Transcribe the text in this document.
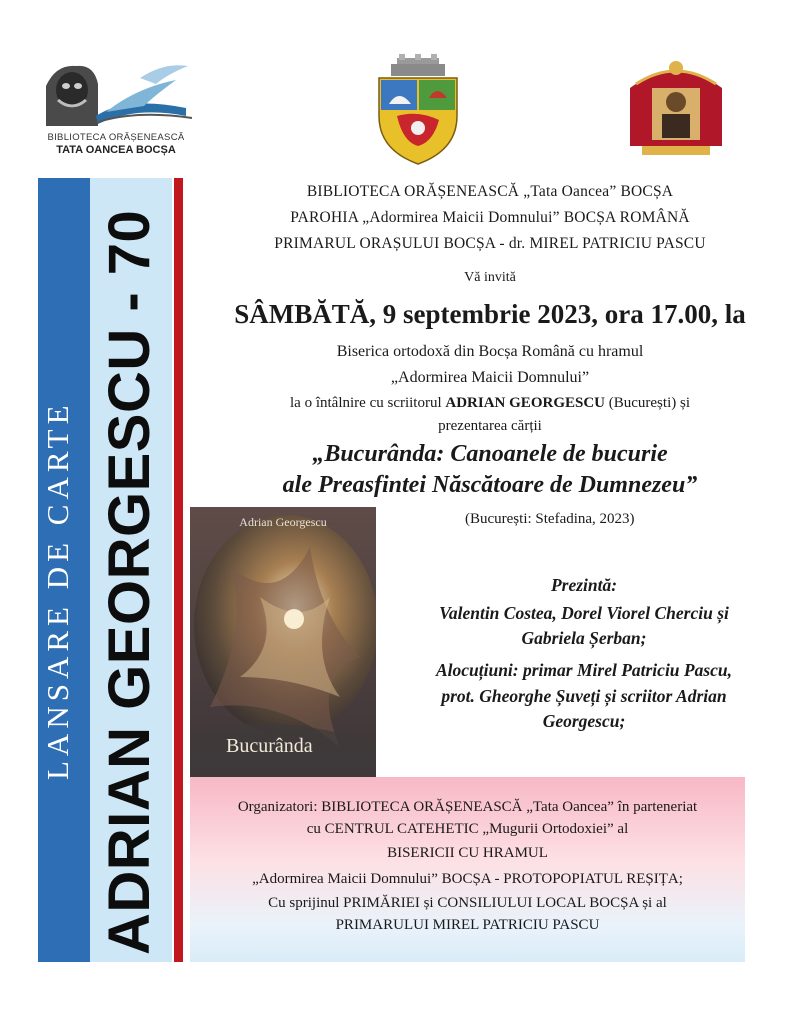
BIBLIOTECA ORĂȘENEASCĂ
TATA OANCEA BOCȘA
LANSARE DE CARTE ADRIAN GEORGESCU - 70
BIBLIOTECA ORĂȘENEASCĂ „Tata Oancea” BOCȘA
PAROHIA „Adormirea Maicii Domnului” BOCȘA ROMÂNĂ
PRIMARUL ORAȘULUI BOCȘA - dr. MIREL PATRICIU PASCU
Vă invită
SÂMBĂTĂ, 9 septembrie 2023, ora 17.00, la
Biserica ortodoxă din Bocșa Română cu hramul
„Adormirea Maicii Domnului”
la o întâlnire cu scriitorul ADRIAN GEORGESCU (București) și
prezentarea cărții
„Bucurânda: Canoanele de bucurie
ale Preasfintei Născătoare de Dumnezeu”
(București: Stefadina, 2023)
Adrian Georgescu
Bucurânda
Prezintă:
Valentin Costea, Dorel Viorel Cherciu și
Gabriela Șerban;
Alocuțiuni: primar Mirel Patriciu Pascu,
prot. Gheorghe Șuveți și scriitor Adrian
Georgescu;
Organizatori: BIBLIOTECA ORĂȘENEASCĂ „Tata Oancea” în parteneriat
cu CENTRUL CATEHETIC „Mugurii Ortodoxiei” al
BISERICII CU HRAMUL
„Adormirea Maicii Domnului” BOCȘA - PROTOPOPIATUL REȘIȚA;
Cu sprijinul PRIMĂRIEI și CONSILIULUI LOCAL BOCȘA și al
PRIMARULUI MIREL PATRICIU PASCU
